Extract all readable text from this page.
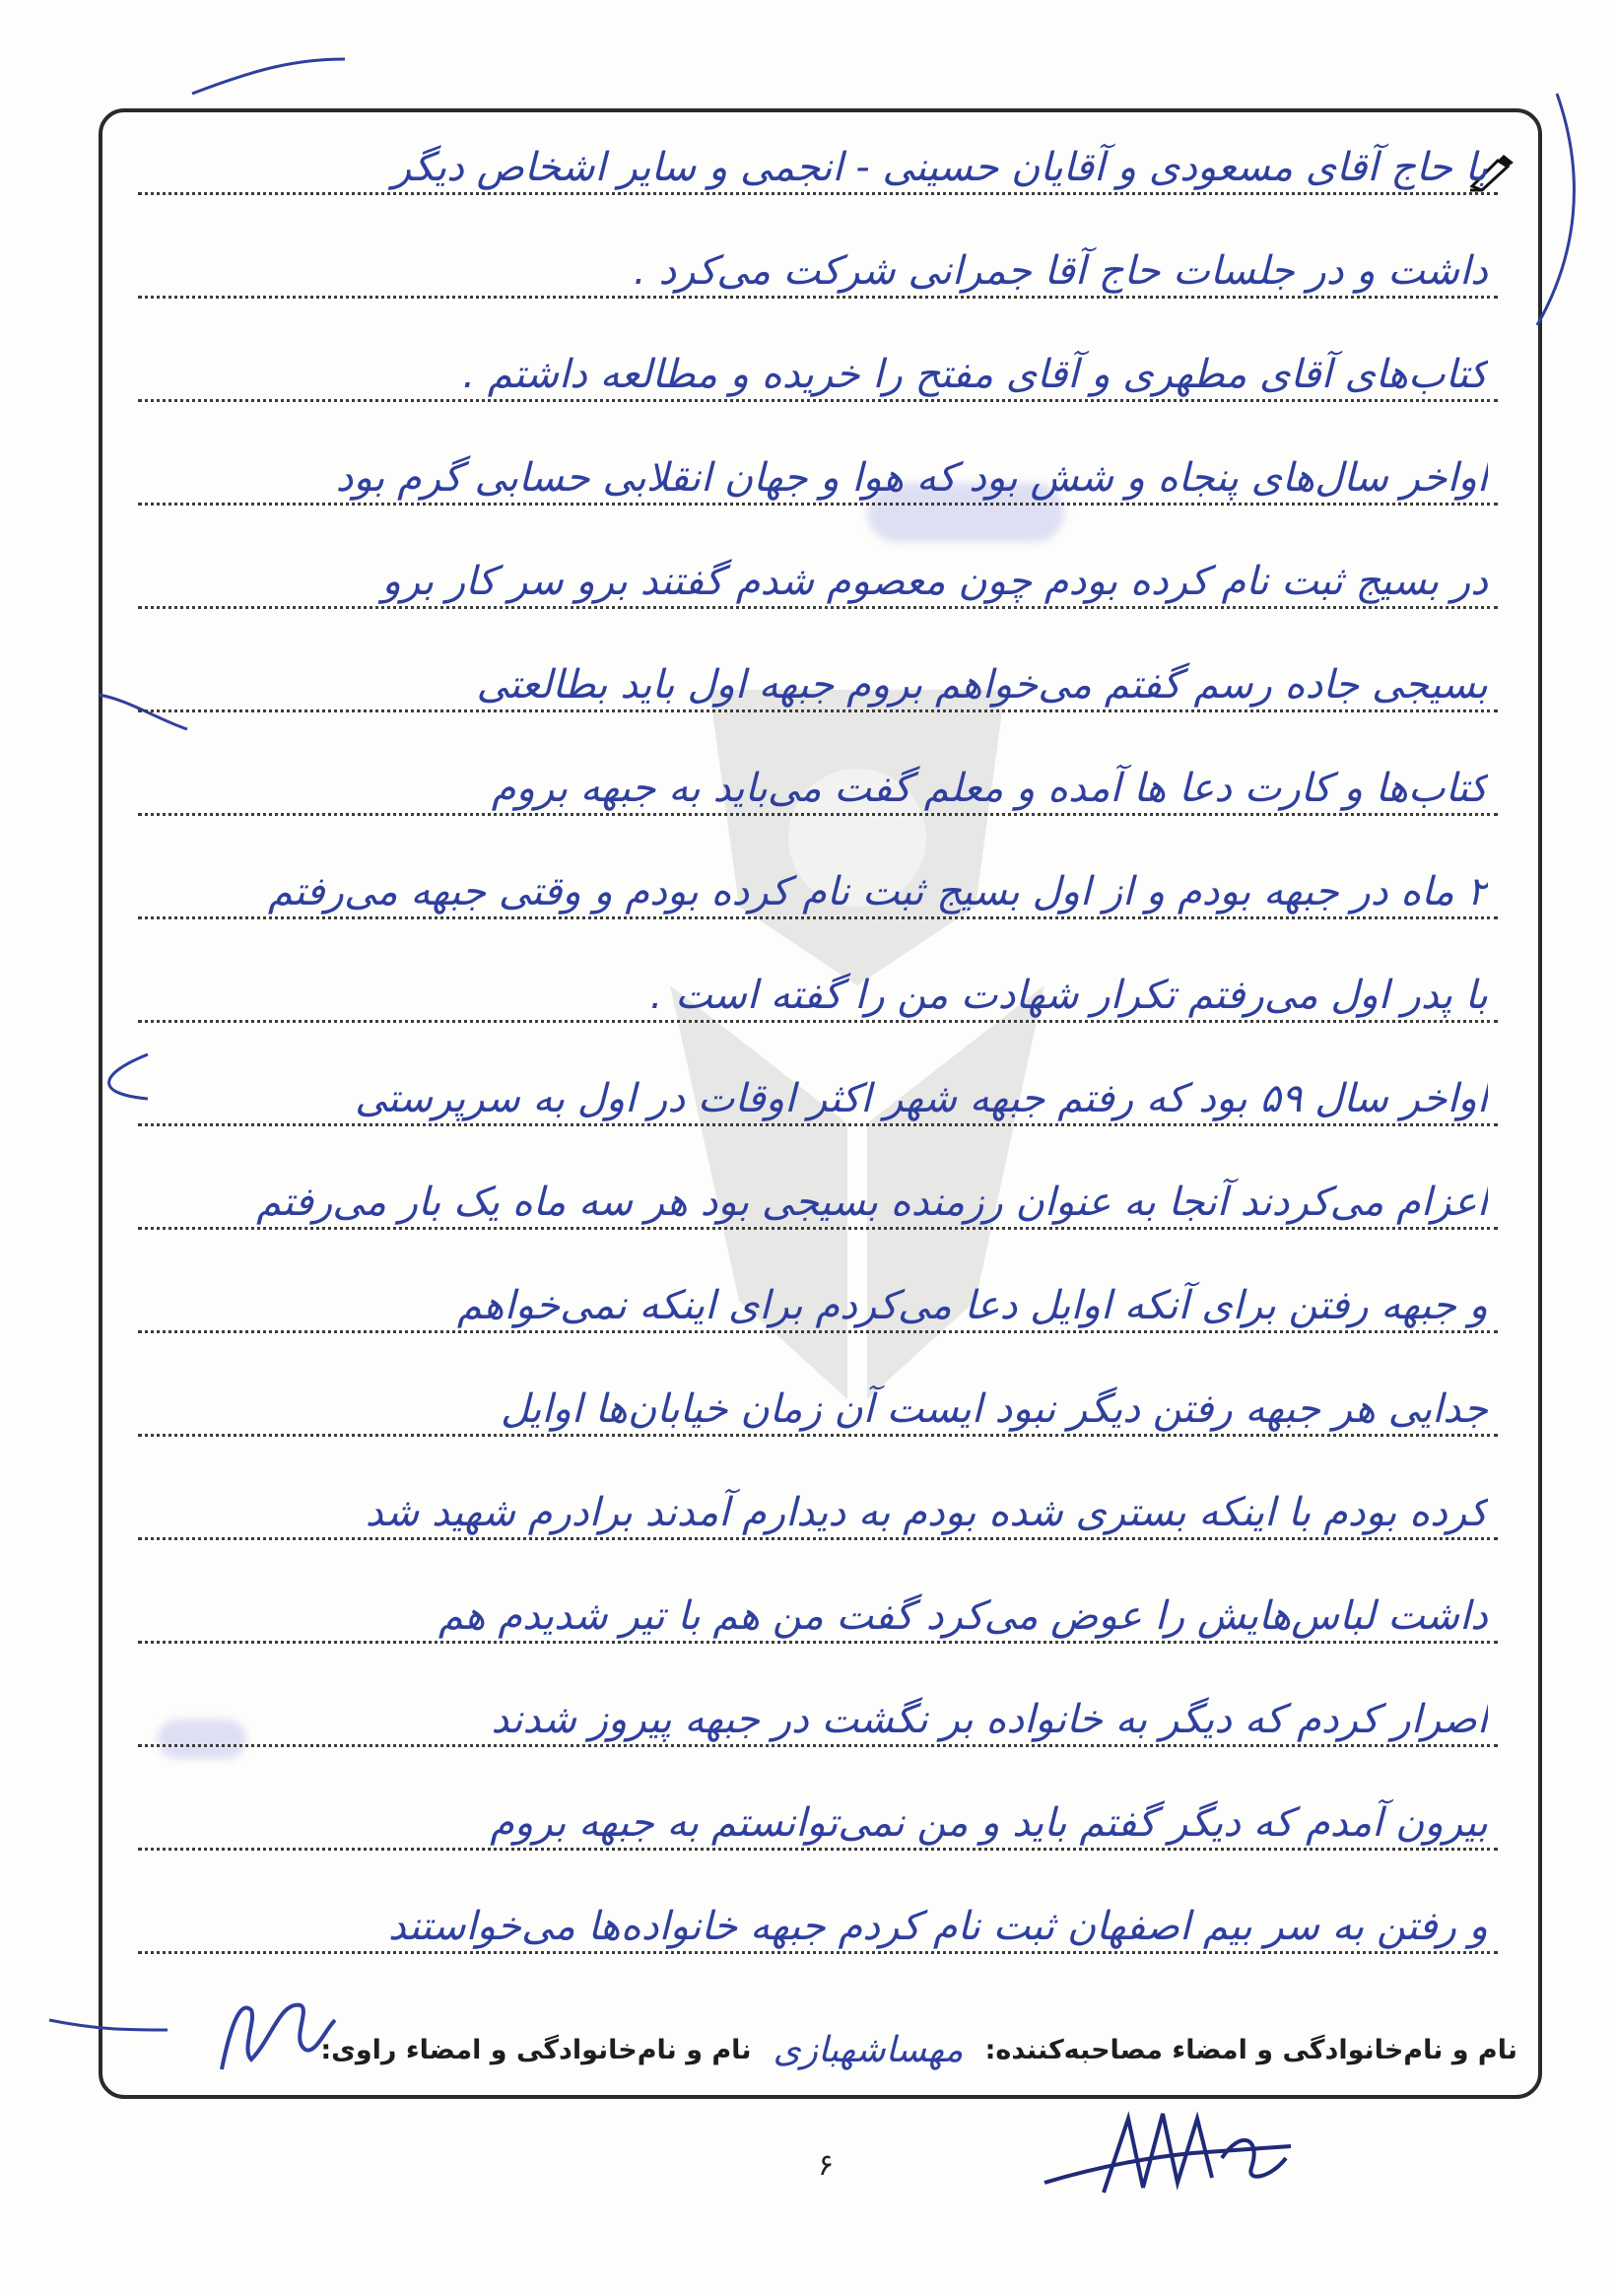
با حاج آقای مسعودی و آقایان حسینی - انجمی و سایر اشخاص دیگر
داشت و در جلسات حاج آقا جمرانی شرکت می‌کرد .
کتاب‌های آقای مطهری و آقای مفتح را خریده و مطالعه داشتم .
اواخر سال‌های پنجاه و شش بود که هوا و جهان انقلابی حسابی گرم بود
در بسیج ثبت نام کرده بودم چون معصوم شدم گفتند برو سر کار برو
بسیجی جاده رسم گفتم می‌خواهم بروم جبهه اول باید بطالعتی
کتاب‌ها و کارت دعا ها آمده و معلم گفت می‌باید به جبهه بروم
۲ ماه در جبهه بودم و از اول بسیج ثبت نام کرده بودم و وقتی جبهه می‌رفتم
با پدر اول می‌رفتم تکرار شهادت من را گفته است .
اواخر سال ۵۹ بود که رفتم جبهه شهر اکثر اوقات در اول به سرپرستی
اعزام می‌کردند آنجا به عنوان رزمنده بسیجی بود هر سه ماه یک بار می‌رفتم
و جبهه رفتن برای آنکه اوایل دعا می‌کردم برای اینکه نمی‌خواهم
جدایی هر جبهه رفتن دیگر نبود ایست آن زمان خیابان‌ها اوایل
کرده بودم با اینکه بستری شده بودم به دیدارم آمدند برادرم شهید شد
داشت لباس‌هایش را عوض می‌کرد گفت من هم با تیر شدیدم هم
اصرار کردم که دیگر به خانواده بر نگشت در جبهه پیروز شدند
بیرون آمدم که دیگر گفتم باید و من نمی‌توانستم به جبهه بروم
و رفتن به سر بیم اصفهان ثبت نام کردم جبهه خانواده‌ها می‌خواستند
نام و نام‌خانوادگی و امضاء مصاحبه‌کننده:
مهساشهبازی
نام و نام‌خانوادگی و امضاء راوی:
۶
